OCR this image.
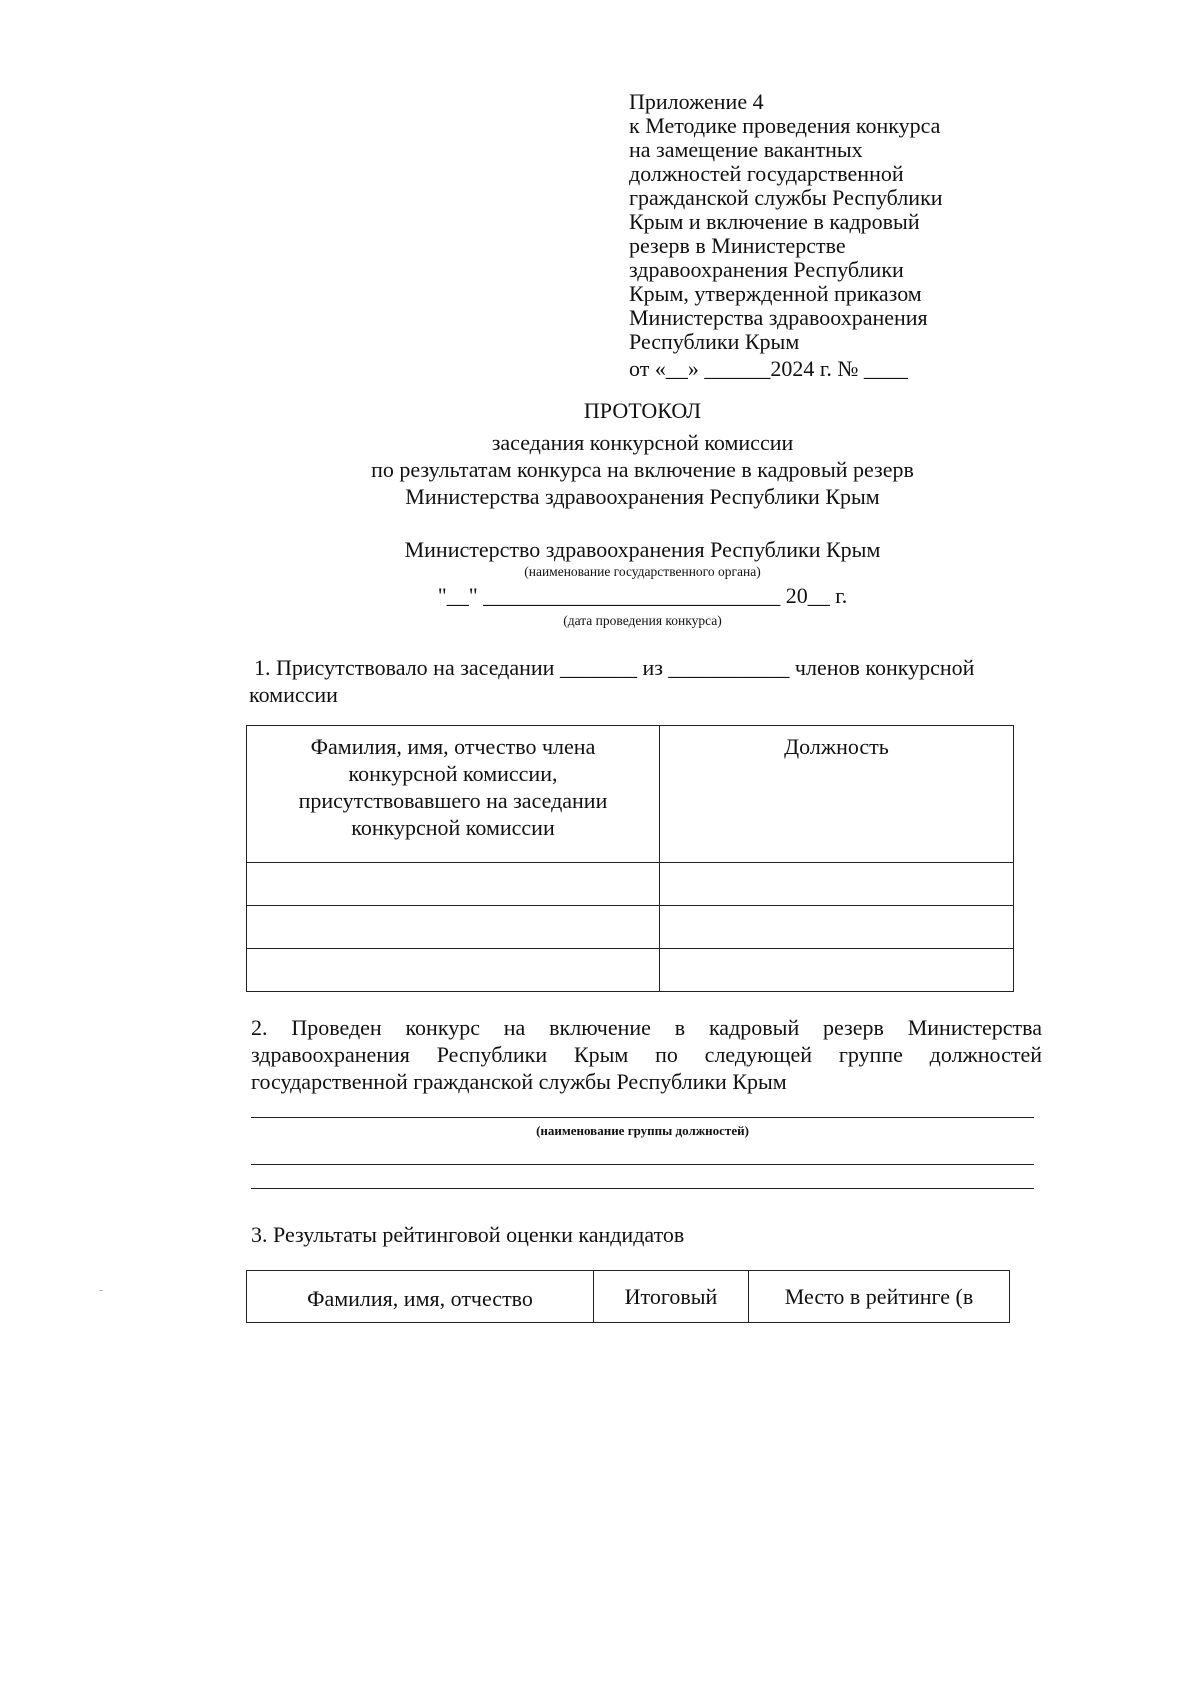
Приложение 4
к Методике проведения конкурса
на замещение вакантных
должностей государственной
гражданской службы Республики
Крым и включение в кадровый
резерв в Министерстве
здравоохранения Республики
Крым, утвержденной приказом
Министерства здравоохранения
Республики Крым
от «__» ______2024 г. № ____
ПРОТОКОЛ
заседания конкурсной комиссии
по результатам конкурса на включение в кадровый резерв
Министерства здравоохранения Республики Крым
Министерство здравоохранения Республики Крым
(наименование государственного органа)
"__" ___________________________ 20__ г.
(дата проведения конкурса)
1. Присутствовало на заседании _______ из ___________ членов конкурсной
комиссии
Фамилия, имя, отчество члена конкурсной комиссии, присутствовавшего на заседании конкурсной комиссии	Должность

2. Проведен конкурс на включение в кадровый резерв Министерства
здравоохранения Республики Крым по следующей группе должностей
государственной гражданской службы Республики Крым
(наименование группы должностей)
3. Результаты рейтинговой оценки кандидатов
Фамилия, имя, отчество	Итоговый	Место в рейтинге (в
